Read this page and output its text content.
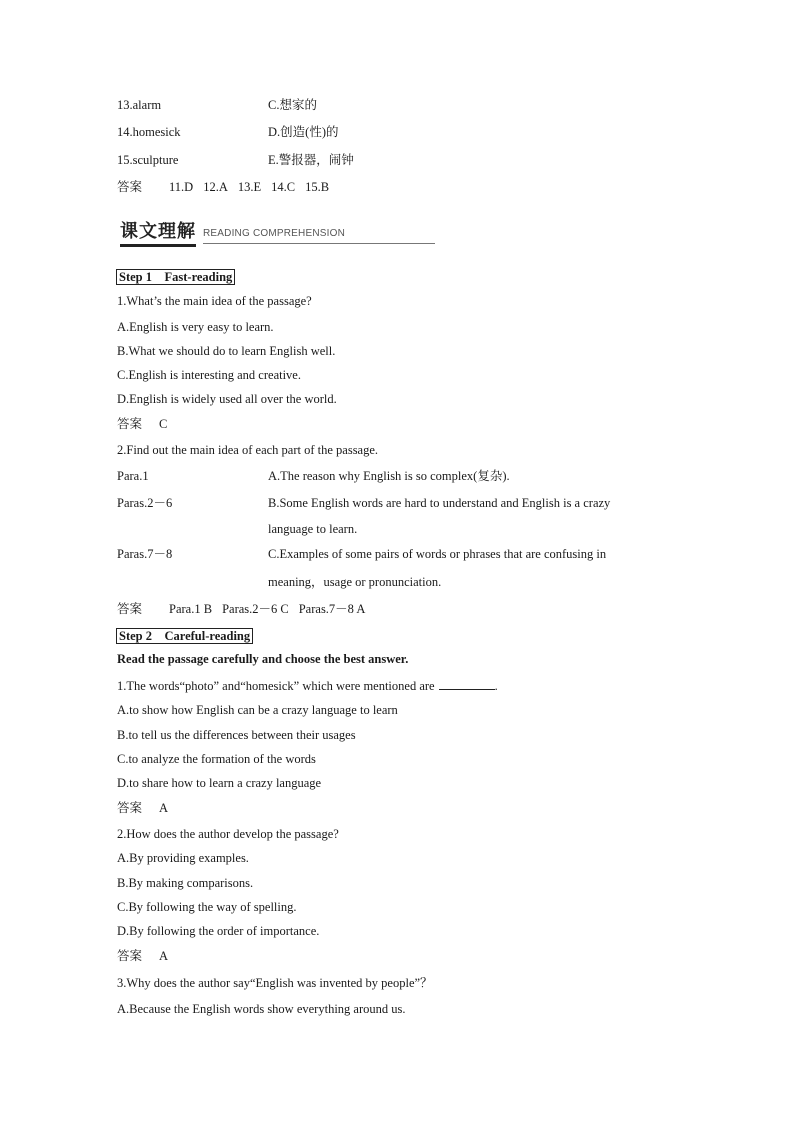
13.alarm	C.想家的
14.homesick	D.创造(性)的
15.sculpture	E.警报器，闹钟
答案 11.D 12.A 13.E 14.C 15.B
课文理解 READING COMPREHENSION
Step 1　Fast-reading
1.What’s the main idea of the passage?
A.English is very easy to learn.
B.What we should do to learn English well.
C.English is interesting and creative.
D.English is widely used all over the world.
答案 C
2.Find out the main idea of each part of the passage.
Para.1	A.The reason why English is so complex(复杂).
Paras.2－6	B.Some English words are hard to understand and English is a crazy
language to learn.
Paras.7－8	C.Examples of some pairs of words or phrases that are confusing in
meaning，usage or pronunciation.
答案 Para.1 B Paras.2－6 C Paras.7－8 A
Step 2　Careful-reading
Read the passage carefully and choose the best answer.
1.The words“photo” and“homesick” which were mentioned are	.
A.to show how English can be a crazy language to learn
B.to tell us the differences between their usages
C.to analyze the formation of the words
D.to share how to learn a crazy language
答案 A
2.How does the author develop the passage?
A.By providing examples.
B.By making comparisons.
C.By following the way of spelling.
D.By following the order of importance.
答案 A
3.Why does the author say“English was invented by people”？
A.Because the English words show everything around us.
